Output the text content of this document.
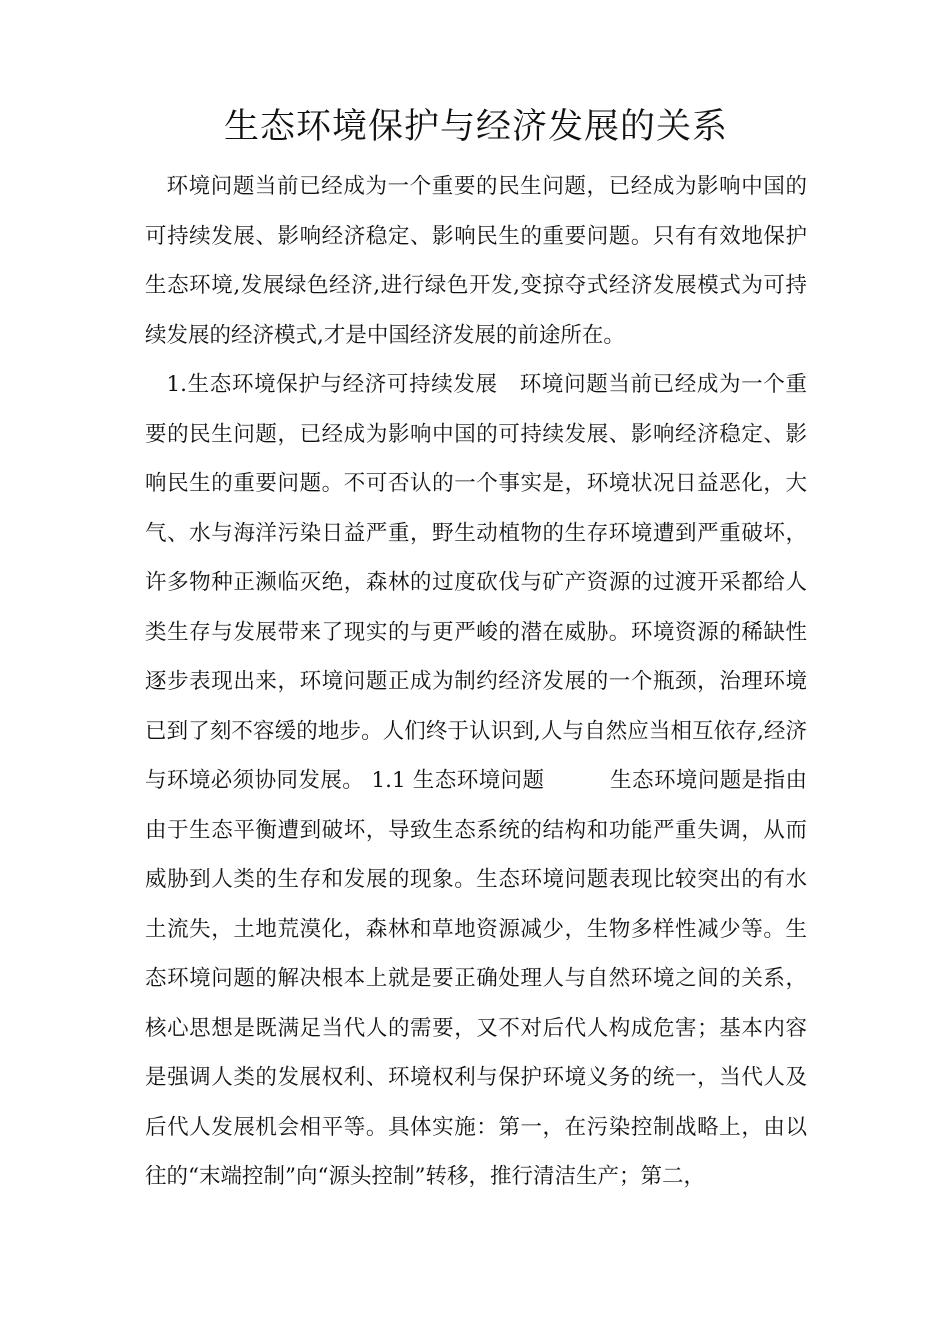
生态环境保护与经济发展的关系

环境问题当前已经成为一个重要的民生问题，已经成为影响中国的可持续发展、影响经济稳定、影响民生的重要问题。只有有效地保护生态环境,发展绿色经济,进行绿色开发,变掠夺式经济发展模式为可持续发展的经济模式,才是中国经济发展的前途所在。

1.生态环境保护与经济可持续发展　环境问题当前已经成为一个重要的民生问题，已经成为影响中国的可持续发展、影响经济稳定、影响民生的重要问题。不可否认的一个事实是，环境状况日益恶化，大气、水与海洋污染日益严重，野生动植物的生存环境遭到严重破坏，许多物种正濒临灭绝，森林的过度砍伐与矿产资源的过渡开采都给人类生存与发展带来了现实的与更严峻的潜在威胁。环境资源的稀缺性逐步表现出来，环境问题正成为制约经济发展的一个瓶颈，治理环境已到了刻不容缓的地步。人们终于认识到,人与自然应当相互依存,经济与环境必须协同发展。 1.1 生态环境问题　　　生态环境问题是指由由于生态平衡遭到破坏，导致生态系统的结构和功能严重失调，从而威胁到人类的生存和发展的现象。生态环境问题表现比较突出的有水土流失，土地荒漠化，森林和草地资源减少，生物多样性减少等。生态环境问题的解决根本上就是要正确处理人与自然环境之间的关系，核心思想是既满足当代人的需要，又不对后代人构成危害；基本内容是强调人类的发展权利、环境权利与保护环境义务的统一，当代人及后代人发展机会相平等。具体实施：第一，在污染控制战略上，由以往的“末端控制”向“源头控制”转移，推行清洁生产；第二，
